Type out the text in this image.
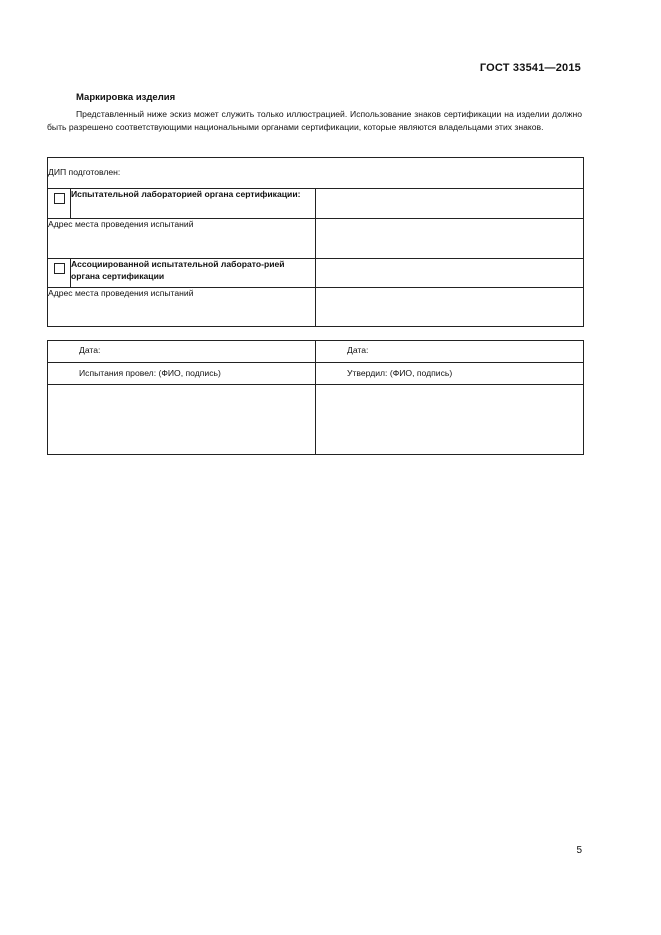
ГОСТ 33541—2015
Маркировка изделия
Представленный ниже эскиз может служить только иллюстрацией. Использование знаков сертификации на изделии должно быть разрешено соответствующими национальными органами сертификации, которые являются владельцами этих знаков.
ДИП подготовлен:		

	Испытательной лабораторией органа сертификации:	
Адрес места проведения испытаний		

	Ассоциированной испытательной лаборато-рией органа сертификации	
Адрес места проведения испытаний		
Дата:	Дата:
Испытания провел: (ФИО, подпись)	Утвердил: (ФИО, подпись)

5
